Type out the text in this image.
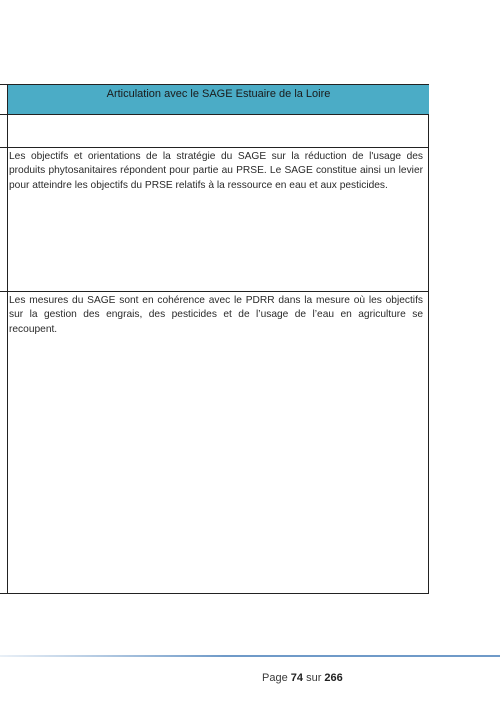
Articulation avec le SAGE Estuaire de la Loire
Les objectifs et orientations de la stratégie du SAGE sur la réduction de l'usage des produits phytosanitaires répondent pour partie au PRSE. Le SAGE constitue ainsi un levier pour atteindre les objectifs du PRSE relatifs à la ressource en eau et aux pesticides.
Les mesures du SAGE sont en cohérence avec le PDRR dans la mesure où les objectifs sur la gestion des engrais, des pesticides et de l’usage de l’eau en agriculture se recoupent.
Page 74 sur 266
